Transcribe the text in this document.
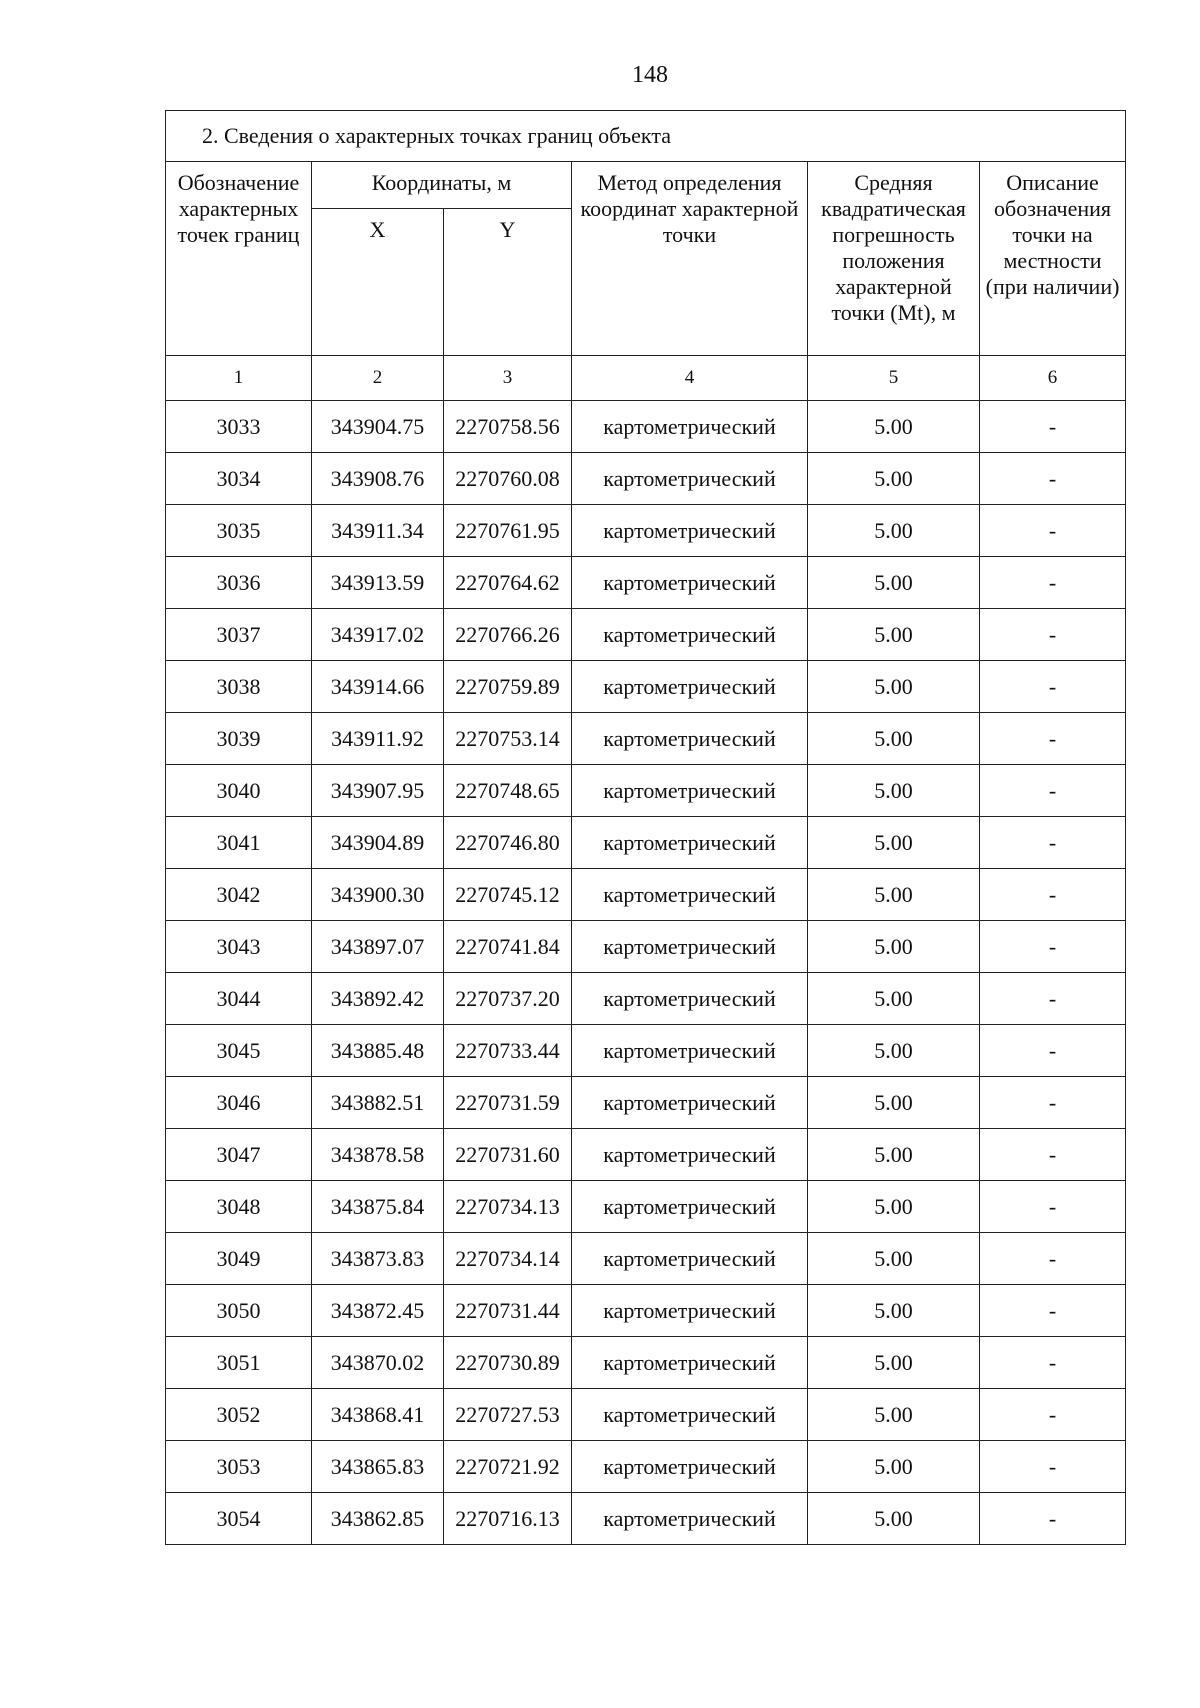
148
2. Сведения о характерных точках границ объекта					
Обозначение характерных точек границ	Координаты, м		Метод определения координат характерной точки	Средняя квадратическая погрешность положения характерной точки (Mt), м	Описание обозначения точки на местности (при наличии)
	X	Y			
1	2	3	4	5	6
3033	343904.75	2270758.56	картометрический	5.00	-
3034	343908.76	2270760.08	картометрический	5.00	-
3035	343911.34	2270761.95	картометрический	5.00	-
3036	343913.59	2270764.62	картометрический	5.00	-
3037	343917.02	2270766.26	картометрический	5.00	-
3038	343914.66	2270759.89	картометрический	5.00	-
3039	343911.92	2270753.14	картометрический	5.00	-
3040	343907.95	2270748.65	картометрический	5.00	-
3041	343904.89	2270746.80	картометрический	5.00	-
3042	343900.30	2270745.12	картометрический	5.00	-
3043	343897.07	2270741.84	картометрический	5.00	-
3044	343892.42	2270737.20	картометрический	5.00	-
3045	343885.48	2270733.44	картометрический	5.00	-
3046	343882.51	2270731.59	картометрический	5.00	-
3047	343878.58	2270731.60	картометрический	5.00	-
3048	343875.84	2270734.13	картометрический	5.00	-
3049	343873.83	2270734.14	картометрический	5.00	-
3050	343872.45	2270731.44	картометрический	5.00	-
3051	343870.02	2270730.89	картометрический	5.00	-
3052	343868.41	2270727.53	картометрический	5.00	-
3053	343865.83	2270721.92	картометрический	5.00	-
3054	343862.85	2270716.13	картометрический	5.00	-
